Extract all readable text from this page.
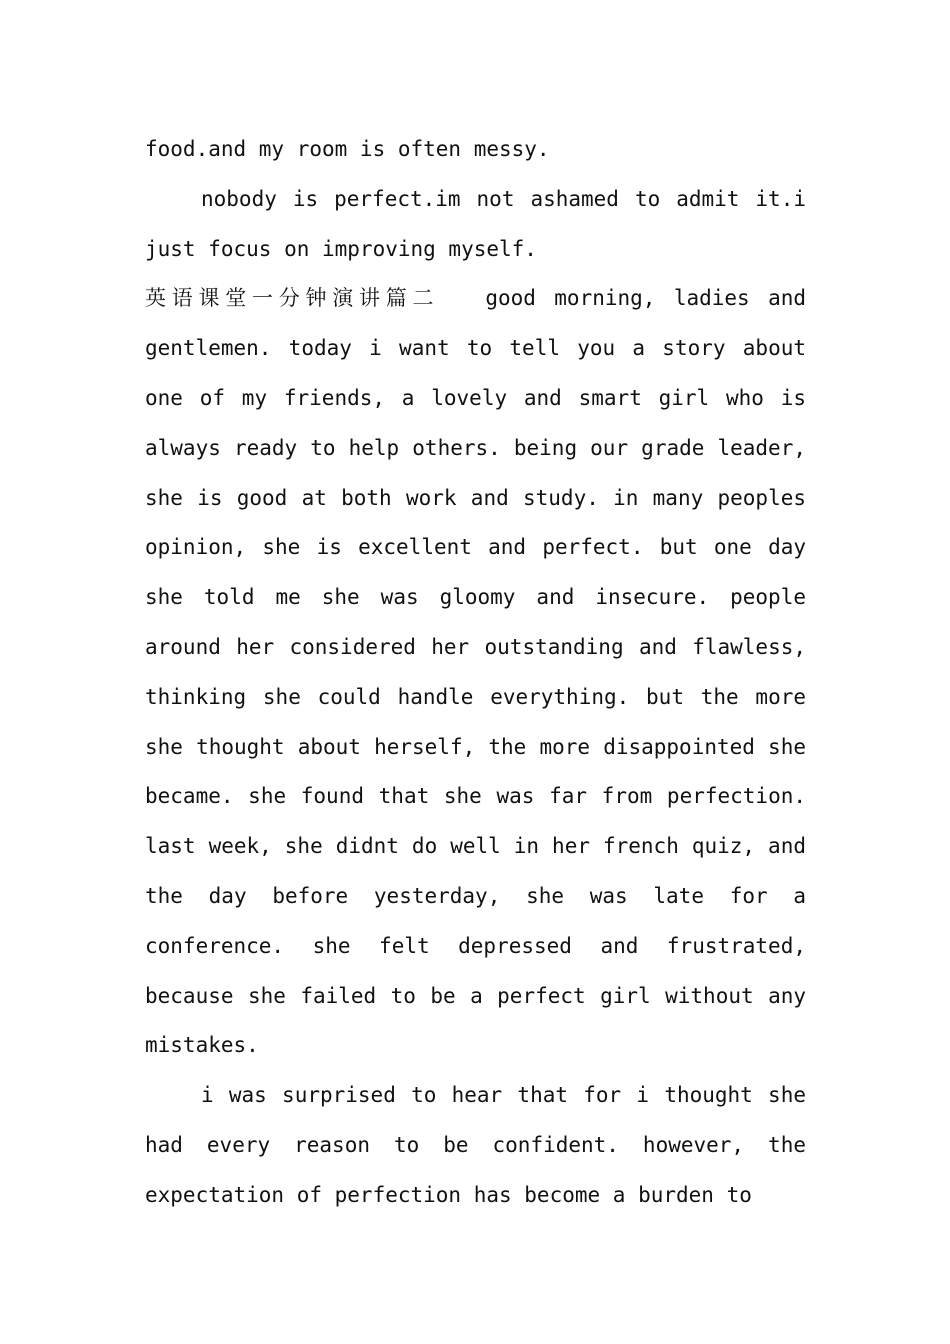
food.and my room is often messy.

nobody is perfect.im not ashamed to admit it.i just focus on improving myself.

英语课堂一分钟演讲篇二 good morning, ladies and gentlemen. today i want to tell you a story about one of my friends, a lovely and smart girl who is always ready to help others. being our grade leader, she is good at both work and study. in many peoples opinion, she is excellent and perfect. but one day she told me she was gloomy and insecure. people around her considered her outstanding and flawless, thinking she could handle everything. but the more she thought about herself, the more disappointed she became. she found that she was far from perfection. last week, she didnt do well in her french quiz, and the day before yesterday, she was late for a conference. she felt depressed and frustrated, because she failed to be a perfect girl without any mistakes.

i was surprised to hear that for i thought she had every reason to be confident. however, the expectation of perfection has become a burden to
